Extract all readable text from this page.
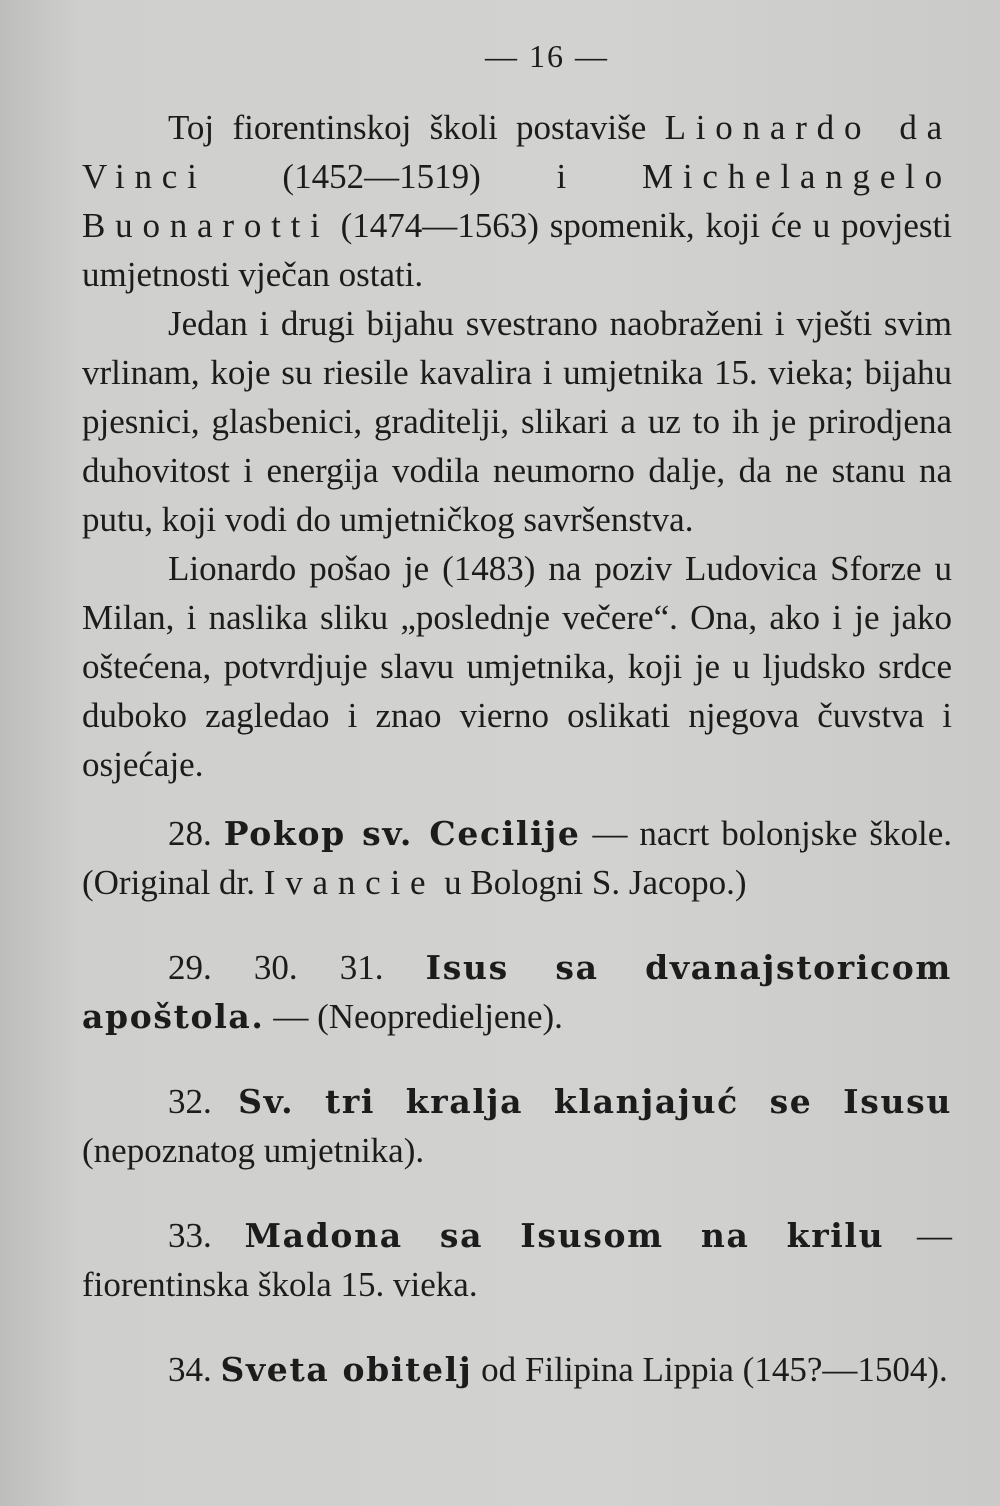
— 16 —

Toj fiorentinskoj školi postaviše Lionardo da Vinci (1452—1519) i Michelangelo Buonarotti (1474—1563) spomenik, koji će u povjesti umjetnosti vječan ostati.

Jedan i drugi bijahu svestrano naobraženi i vješti svim vrlinam, koje su riesile kavalira i umjetnika 15. vieka; bijahu pjesnici, glasbenici, graditelji, slikari a uz to ih je prirodjena duhovitost i energija vodila neumorno dalje, da ne stanu na putu, koji vodi do umjetničkog savršenstva.

Lionardo pošao je (1483) na poziv Ludovica Sforze u Milan, i naslika sliku „poslednje večere“. Ona, ako i je jako oštećena, potvrdjuje slavu umjetnika, koji je u ljudsko srdce duboko zagledao i znao vierno oslikati njegova čuvstva i osjećaje.

28. Pokop sv. Cecilije — nacrt bolonjske škole. (Original dr. Ivancie u Bologni S. Jacopo.)

29. 30. 31. Isus sa dvanajstoricom apoštola. — (Neopredieljene).

32. Sv. tri kralja klanjajuć se Isusu (nepoznatog umjetnika).

33. Madona sa Isusom na krilu — fiorentinska škola 15. vieka.

34. Sveta obitelj od Filipina Lippia (145?—1504).
